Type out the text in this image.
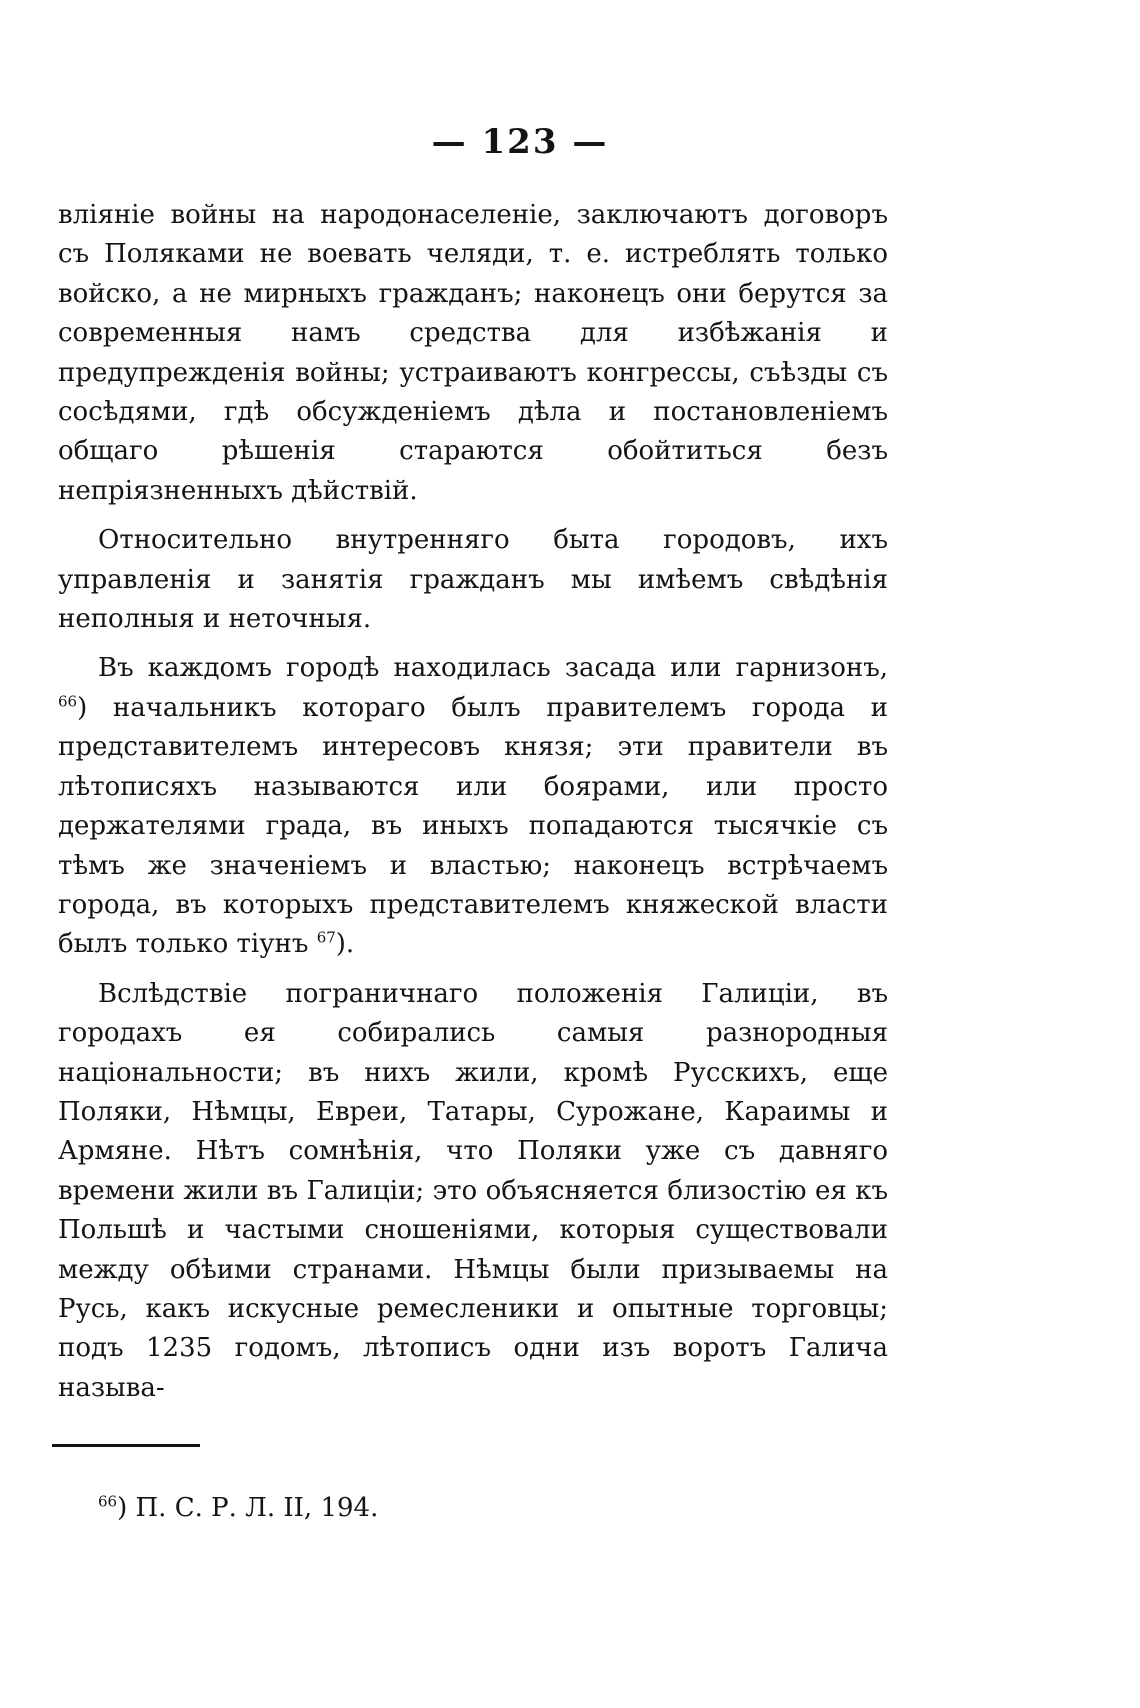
— 123 —

вліяніе войны на народонаселеніе, заключаютъ договоръ съ Поляками не воевать челяди, т. е. истреблять только войско, а не мирныхъ гражданъ; наконецъ они берутся за современныя намъ средства для избѣжанія и предупрежденія войны; устраиваютъ конгрессы, съѣзды съ сосѣдями, гдѣ обсужденіемъ дѣла и постановленіемъ общаго рѣшенія стараются обойтиться безъ непріязненныхъ дѣйствій.

Относительно внутренняго быта городовъ, ихъ управленія и занятія гражданъ мы имѣемъ свѣдѣнія неполныя и неточныя.

Въ каждомъ городѣ находилась засада или гарнизонъ, $^{66}$) начальникъ котораго былъ правителемъ города и представителемъ интересовъ князя; эти правители въ лѣтописяхъ называются или боярами, или просто держателями града, въ иныхъ попадаются тысячкіе съ тѣмъ же значеніемъ и властью; наконецъ встрѣчаемъ города, въ которыхъ представителемъ княжеской власти былъ только тіунъ $^{67}$).

Вслѣдствіе пограничнаго положенія Галиціи, въ городахъ ея собирались самыя разнородныя національности; въ нихъ жили, кромѣ Русскихъ, еще Поляки, Нѣмцы, Евреи, Татары, Сурожане, Караимы и Армяне. Нѣтъ сомнѣнія, что Поляки уже съ давняго времени жили въ Галиціи; это объясняется близостію ея къ Польшѣ и частыми сношеніями, которыя существовали между обѣими странами. Нѣмцы были призываемы на Русь, какъ искусные ремесленики и опытные торговцы; подъ 1235 годомъ, лѣтописъ одни изъ воротъ Галича называ-

$^{66}$) П. С. Р. Л. II, 194.
